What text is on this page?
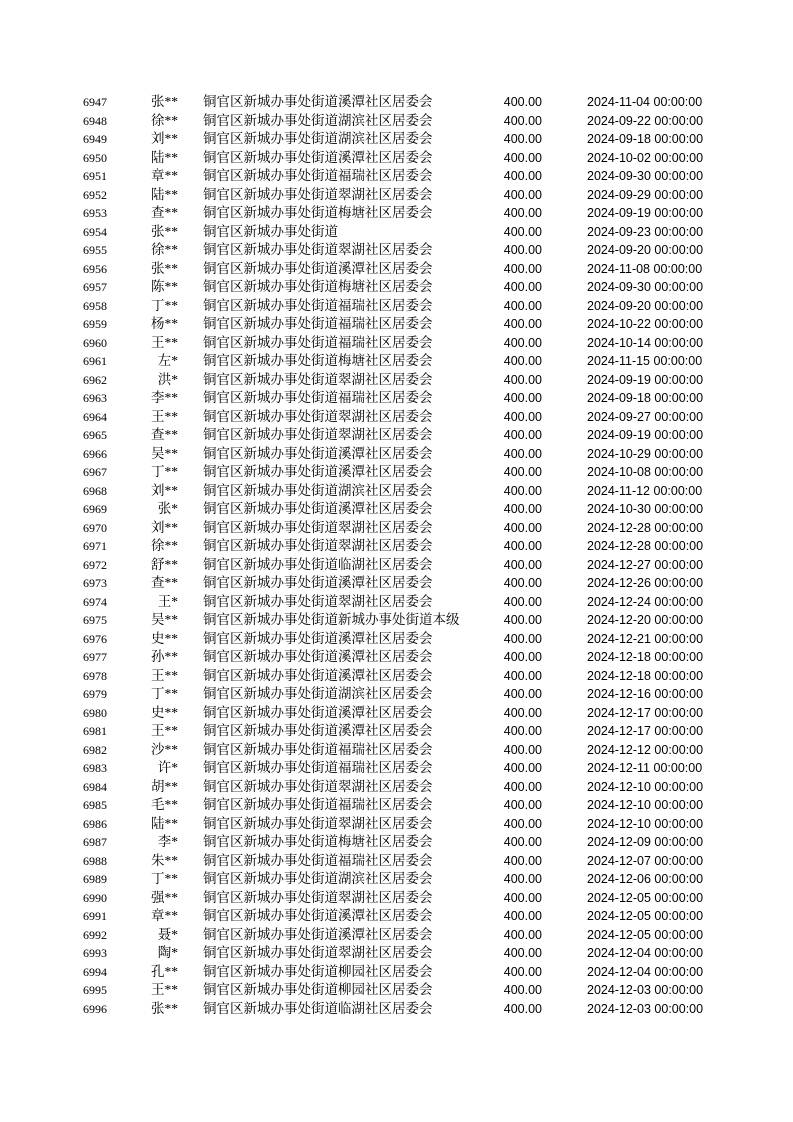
6947	张**	铜官区新城办事处街道溪潭社区居委会	400.00	2024-11-04 00:00:00
6948	徐**	铜官区新城办事处街道湖滨社区居委会	400.00	2024-09-22 00:00:00
6949	刘**	铜官区新城办事处街道湖滨社区居委会	400.00	2024-09-18 00:00:00
6950	陆**	铜官区新城办事处街道溪潭社区居委会	400.00	2024-10-02 00:00:00
6951	章**	铜官区新城办事处街道福瑞社区居委会	400.00	2024-09-30 00:00:00
6952	陆**	铜官区新城办事处街道翠湖社区居委会	400.00	2024-09-29 00:00:00
6953	查**	铜官区新城办事处街道梅塘社区居委会	400.00	2024-09-19 00:00:00
6954	张**	铜官区新城办事处街道	400.00	2024-09-23 00:00:00
6955	徐**	铜官区新城办事处街道翠湖社区居委会	400.00	2024-09-20 00:00:00
6956	张**	铜官区新城办事处街道溪潭社区居委会	400.00	2024-11-08 00:00:00
6957	陈**	铜官区新城办事处街道梅塘社区居委会	400.00	2024-09-30 00:00:00
6958	丁**	铜官区新城办事处街道福瑞社区居委会	400.00	2024-09-20 00:00:00
6959	杨**	铜官区新城办事处街道福瑞社区居委会	400.00	2024-10-22 00:00:00
6960	王**	铜官区新城办事处街道福瑞社区居委会	400.00	2024-10-14 00:00:00
6961	左*	铜官区新城办事处街道梅塘社区居委会	400.00	2024-11-15 00:00:00
6962	洪*	铜官区新城办事处街道翠湖社区居委会	400.00	2024-09-19 00:00:00
6963	李**	铜官区新城办事处街道福瑞社区居委会	400.00	2024-09-18 00:00:00
6964	王**	铜官区新城办事处街道翠湖社区居委会	400.00	2024-09-27 00:00:00
6965	查**	铜官区新城办事处街道翠湖社区居委会	400.00	2024-09-19 00:00:00
6966	吴**	铜官区新城办事处街道溪潭社区居委会	400.00	2024-10-29 00:00:00
6967	丁**	铜官区新城办事处街道溪潭社区居委会	400.00	2024-10-08 00:00:00
6968	刘**	铜官区新城办事处街道湖滨社区居委会	400.00	2024-11-12 00:00:00
6969	张*	铜官区新城办事处街道溪潭社区居委会	400.00	2024-10-30 00:00:00
6970	刘**	铜官区新城办事处街道翠湖社区居委会	400.00	2024-12-28 00:00:00
6971	徐**	铜官区新城办事处街道翠湖社区居委会	400.00	2024-12-28 00:00:00
6972	舒**	铜官区新城办事处街道临湖社区居委会	400.00	2024-12-27 00:00:00
6973	查**	铜官区新城办事处街道溪潭社区居委会	400.00	2024-12-26 00:00:00
6974	王*	铜官区新城办事处街道翠湖社区居委会	400.00	2024-12-24 00:00:00
6975	吴**	铜官区新城办事处街道新城办事处街道本级	400.00	2024-12-20 00:00:00
6976	史**	铜官区新城办事处街道溪潭社区居委会	400.00	2024-12-21 00:00:00
6977	孙**	铜官区新城办事处街道溪潭社区居委会	400.00	2024-12-18 00:00:00
6978	王**	铜官区新城办事处街道溪潭社区居委会	400.00	2024-12-18 00:00:00
6979	丁**	铜官区新城办事处街道湖滨社区居委会	400.00	2024-12-16 00:00:00
6980	史**	铜官区新城办事处街道溪潭社区居委会	400.00	2024-12-17 00:00:00
6981	王**	铜官区新城办事处街道溪潭社区居委会	400.00	2024-12-17 00:00:00
6982	沙**	铜官区新城办事处街道福瑞社区居委会	400.00	2024-12-12 00:00:00
6983	许*	铜官区新城办事处街道福瑞社区居委会	400.00	2024-12-11 00:00:00
6984	胡**	铜官区新城办事处街道翠湖社区居委会	400.00	2024-12-10 00:00:00
6985	毛**	铜官区新城办事处街道福瑞社区居委会	400.00	2024-12-10 00:00:00
6986	陆**	铜官区新城办事处街道翠湖社区居委会	400.00	2024-12-10 00:00:00
6987	李*	铜官区新城办事处街道梅塘社区居委会	400.00	2024-12-09 00:00:00
6988	朱**	铜官区新城办事处街道福瑞社区居委会	400.00	2024-12-07 00:00:00
6989	丁**	铜官区新城办事处街道湖滨社区居委会	400.00	2024-12-06 00:00:00
6990	强**	铜官区新城办事处街道翠湖社区居委会	400.00	2024-12-05 00:00:00
6991	章**	铜官区新城办事处街道溪潭社区居委会	400.00	2024-12-05 00:00:00
6992	聂*	铜官区新城办事处街道溪潭社区居委会	400.00	2024-12-05 00:00:00
6993	陶*	铜官区新城办事处街道翠湖社区居委会	400.00	2024-12-04 00:00:00
6994	孔**	铜官区新城办事处街道柳园社区居委会	400.00	2024-12-04 00:00:00
6995	王**	铜官区新城办事处街道柳园社区居委会	400.00	2024-12-03 00:00:00
6996	张**	铜官区新城办事处街道临湖社区居委会	400.00	2024-12-03 00:00:00
